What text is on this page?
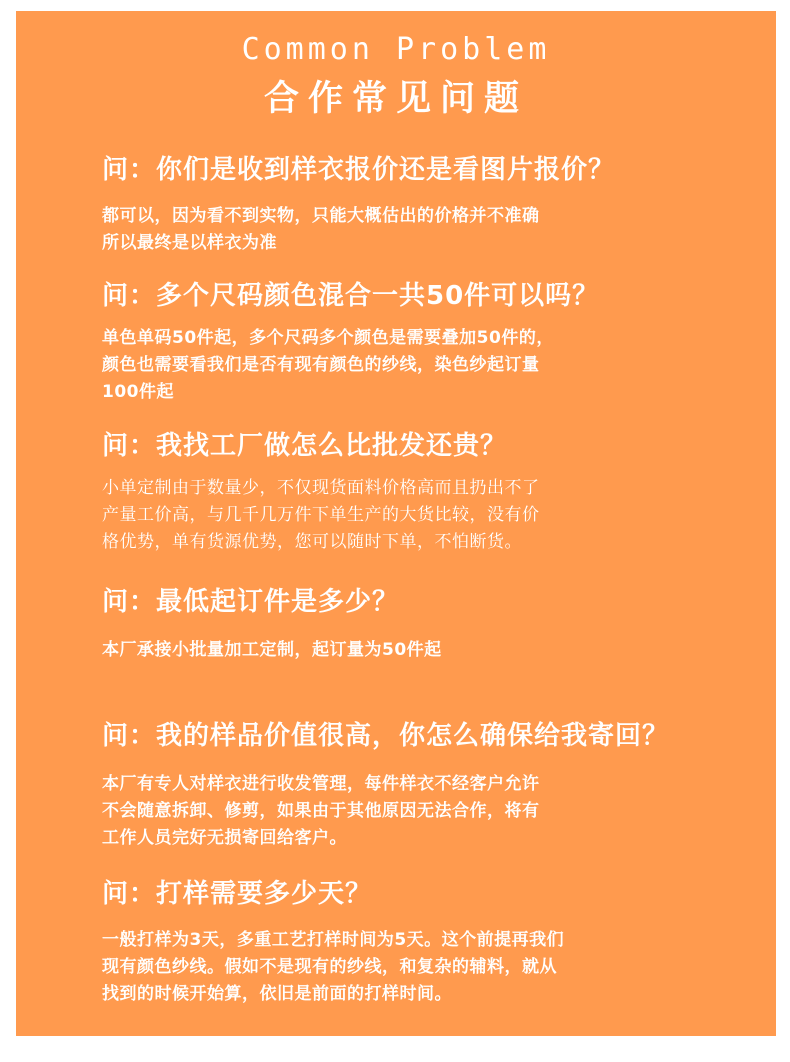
Common Problem
合作常见问题
问：你们是收到样衣报价还是看图片报价？
都可以，因为看不到实物，只能大概估出的价格并不准确
所以最终是以样衣为准
问：多个尺码颜色混合一共50件可以吗？
单色单码50件起，多个尺码多个颜色是需要叠加50件的，
颜色也需要看我们是否有现有颜色的纱线，染色纱起订量
100件起
问：我找工厂做怎么比批发还贵？
小单定制由于数量少，不仅现货面料价格高而且扔出不了
产量工价高，与几千几万件下单生产的大货比较，没有价
格优势，单有货源优势，您可以随时下单，不怕断货。
问：最低起订件是多少？
本厂承接小批量加工定制，起订量为50件起
问：我的样品价值很高，你怎么确保给我寄回？
本厂有专人对样衣进行收发管理，每件样衣不经客户允许
不会随意拆卸、修剪，如果由于其他原因无法合作，将有
工作人员完好无损寄回给客户。
问：打样需要多少天？
一般打样为3天，多重工艺打样时间为5天。这个前提再我们
现有颜色纱线。假如不是现有的纱线，和复杂的辅料，就从
找到的时候开始算，依旧是前面的打样时间。
